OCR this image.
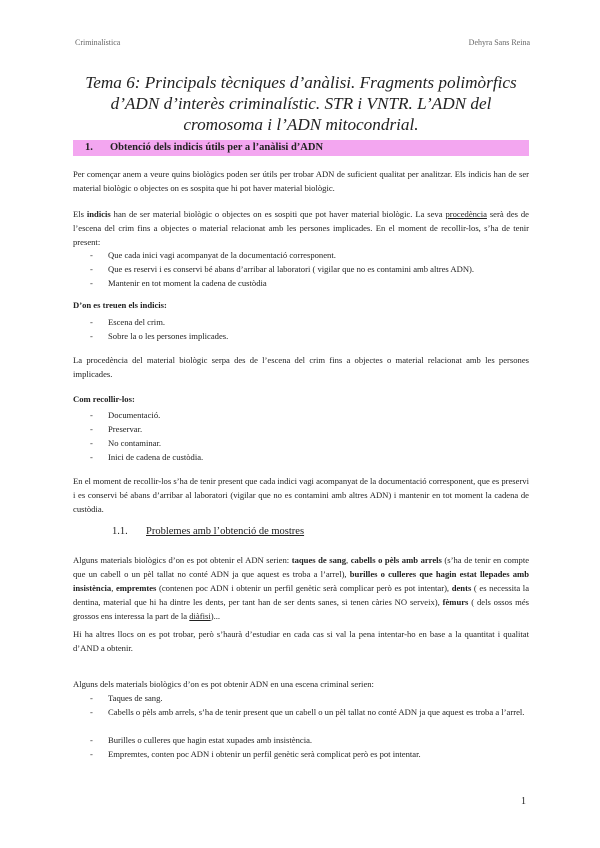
Criminalística	Dehyra Sans Reina
Tema 6: Principals tècniques d’anàlisi. Fragments polimòrfics d’ADN d’interès criminalístic. STR i VNTR. L’ADN del cromosoma i l’ADN mitocondrial.
1. Obtenció dels indicis útils per a l’anàlisi d’ADN
Per començar anem a veure quins biològics poden ser útils per trobar ADN de suficient qualitat per analitzar. Els indicis han de ser material biològic o objectes on es sospita que hi pot haver material biològic.
Els indicis han de ser material biològic o objectes on es sospiti que pot haver material biològic. La seva procedència serà des de l’escena del crim fins a objectes o material relacionat amb les persones implicades. En el moment de recollir-los, s’ha de tenir present:
- Que cada inici vagi acompanyat de la documentació corresponent.
- Que es reservi i es conservi bé abans d’arribar al laboratori ( vigilar que no es contamini amb altres ADN).
- Mantenir en tot moment la cadena de custòdia
D’on es treuen els indicis:
- Escena del crim.
- Sobre la o les persones implicades.
La procedència del material biològic serpa des de l’escena del crim fins a objectes o material relacionat amb les persones implicades.
Com recollir-los:
- Documentació.
- Preservar.
- No contaminar.
- Inici de cadena de custòdia.
En el moment de recollir-los s’ha de tenir present que cada indici vagi acompanyat de la documentació corresponent, que es preservi i es conservi bé abans d’arribar al laboratori (vigilar que no es contamini amb altres ADN) i mantenir en tot moment la cadena de custòdia.
1.1. Problemes amb l’obtenció de mostres
Alguns materials biològics d’on es pot obtenir el ADN serien: taques de sang, cabells o pèls amb arrels (s’ha de tenir en compte que un cabell o un pèl tallat no conté ADN ja que aquest es troba a l’arrel), burilles o culleres que hagin estat llepades amb insistència, empremtes (contenen poc ADN i obtenir un perfil genètic serà complicar però es pot intentar), dents ( es necessita la dentina, material que hi ha dintre les dents, per tant han de ser dents sanes, si tenen càries NO serveix), fèmurs ( dels ossos més grossos ens interessa la part de la diàfisi)...
Hi ha altres llocs on es pot trobar, però s’haurà d’estudiar en cada cas si val la pena intentar-ho en base a la quantitat i qualitat d’AND a obtenir.
Alguns dels materials biològics d’on es pot obtenir ADN en una escena criminal serien:
- Taques de sang.
- Cabells o pèls amb arrels, s’ha de tenir present que un cabell o un pèl tallat no conté ADN ja que aquest es troba a l’arrel.
- Burilles o culleres que hagin estat xupades amb insistència.
- Empremtes, conten poc ADN i obtenir un perfil genètic serà complicat però es pot intentar.
1
